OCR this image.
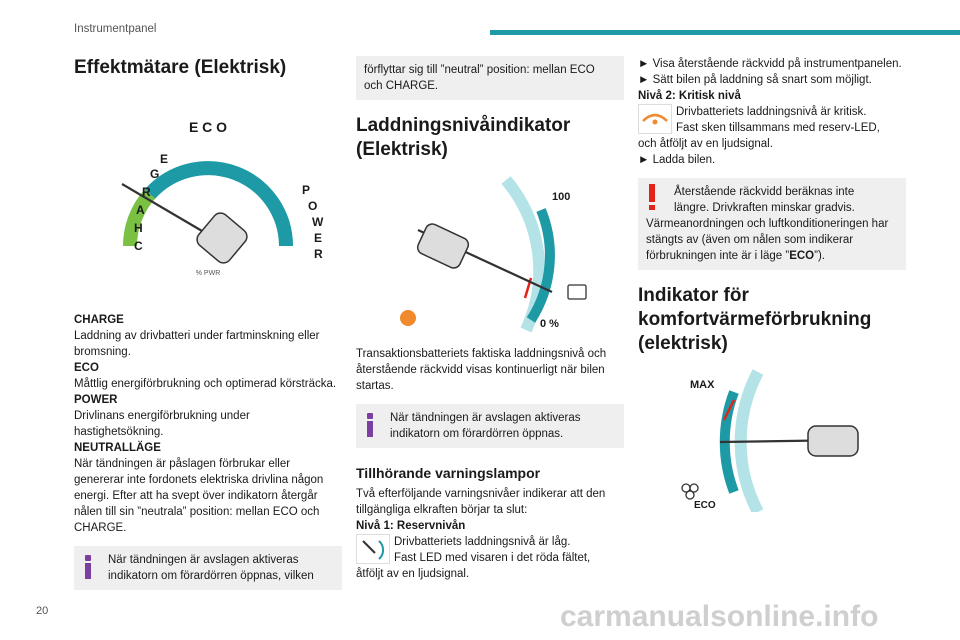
Instrumentpanel
20
Effektmätare (Elektrisk)
E C O
E
G
R
A
H
C
P
O
W
E
R
% PWR
CHARGE
Laddning av drivbatteri under fartminskning eller bromsning.
ECO
Måttlig energiförbrukning och optimerad körsträcka.
POWER
Drivlinans energiförbrukning under hastighetsökning.
NEUTRALLÄGE
När tändningen är påslagen förbrukar eller genererar inte fordonets elektriska drivlina någon energi. Efter att ha svept över indikatorn återgår nålen till sin ”neutrala” position: mellan ECO och CHARGE.
När tändningen är avslagen aktiveras indikatorn om förardörren öppnas, vilken
förflyttar sig till ”neutral” position: mellan ECO och CHARGE.
Laddningsnivåindikator (Elektrisk)
100
0 %
Transaktionsbatteriets faktiska laddningsnivå och återstående räckvidd visas kontinuerligt när bilen startas.
När tändningen är avslagen aktiveras indikatorn om förardörren öppnas.
Tillhörande varningslampor
Två efterföljande varningsnivåer indikerar att den tillgängliga elkraften börjar ta slut:
Nivå 1: Reservnivån
Drivbatteriets laddningsnivå är låg.
Fast LED med visaren i det röda fältet,
åtföljt av en ljudsignal.
► Visa återstående räckvidd på instrumentpanelen.
► Sätt bilen på laddning så snart som möjligt.
Nivå 2: Kritisk nivå
Drivbatteriets laddningsnivå är kritisk.
Fast sken tillsammans med reserv-LED,
och åtföljt av en ljudsignal.
► Ladda bilen.
Återstående räckvidd beräknas inte
längre. Drivkraften minskar gradvis.
Värmeanordningen och luftkonditioneringen har stängts av (även om nålen som indikerar förbrukningen inte är i läge ”ECO”).
Indikator för komfortvärmeförbrukning (elektrisk)
MAX
ECO
carmanualsonline.info
